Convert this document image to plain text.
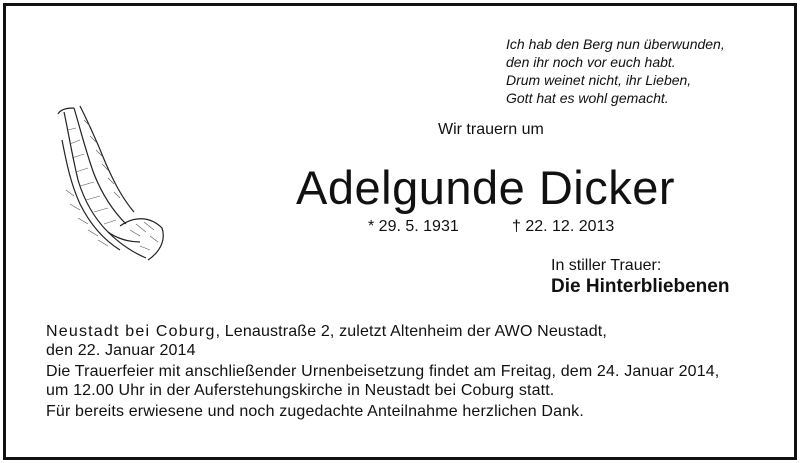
Ich hab den Berg nun überwunden,
den ihr noch vor euch habt.
Drum weinet nicht, ihr Lieben,
Gott hat es wohl gemacht.
Wir trauern um
Adelgunde Dicker
* 29. 5. 1931	† 22. 12. 2013
In stiller Trauer:
Die Hinterbliebenen

Neustadt bei Coburg, Lenaustraße 2, zuletzt Altenheim der AWO Neustadt,
den 22. Januar 2014

Die Trauerfeier mit anschließender Urnenbeisetzung findet am Freitag, dem 24. Januar 2014,
um 12.00 Uhr in der Auferstehungskirche in Neustadt bei Coburg statt.

Für bereits erwiesene und noch zugedachte Anteilnahme herzlichen Dank.
